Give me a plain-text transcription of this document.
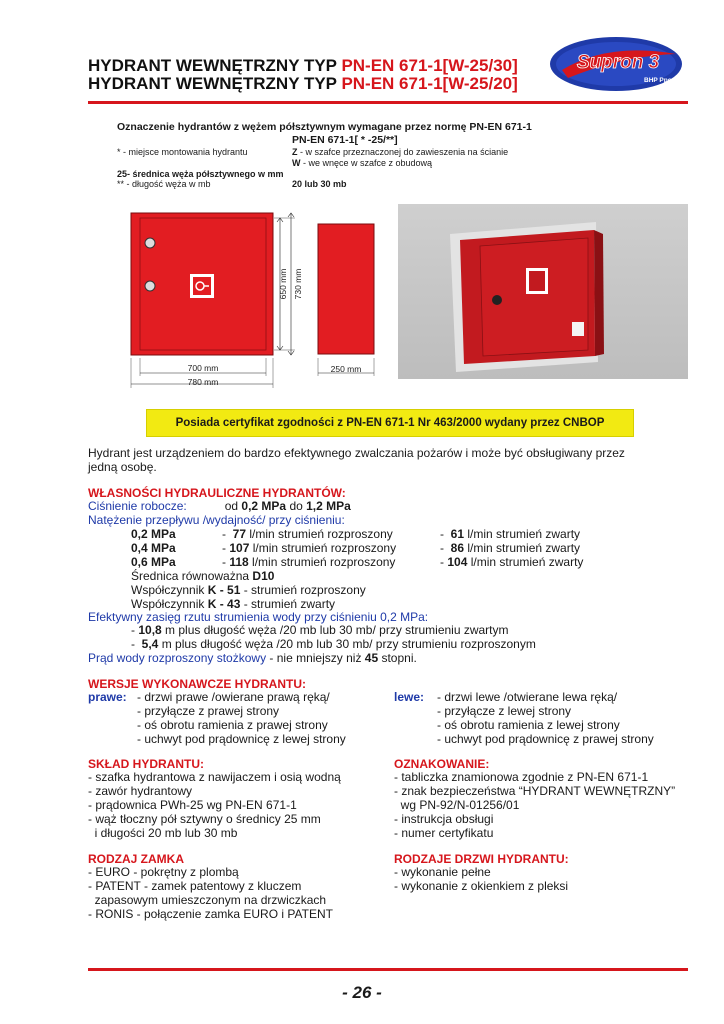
HYDRANT WEWNĘTRZNY TYP PN-EN 671-1[W-25/30]
HYDRANT WEWNĘTRZNY TYP PN-EN 671-1[W-25/20]
Supron 3
BHP Ppoż.
Oznaczenie hydrantów z wężem półsztywnym wymagane przez normę PN-EN 671-1
PN-EN 671-1[ * -25/**]
* - miejsce montowania hydrantu
25- średnica węża półsztywnego w mm
** - długość węża w mb
Z - w szafce przeznaczonej do zawieszenia na ścianie
W - we wnęce w szafce z obudową
20 lub 30 mb
700 mm
780 mm
250 mm
650 mm 730 mm
Posiada certyfikat zgodności z PN-EN 671-1 Nr 463/2000 wydany przez CNBOP
Hydrant jest urządzeniem do bardzo efektywnego zwalczania pożarów i może być obsługiwany przez
jedną osobę.
WŁASNOŚCI HYDRAULICZNE HYDRANTÓW:
Ciśnienie robocze:	od 0,2 MPa do 1,2 MPa
Natężenie przepływu /wydajność/ przy ciśnieniu:
0,2 MPa	-  77 l/min strumień rozproszony	-  61 l/min strumień zwarty
0,4 MPa	- 107 l/min strumień rozproszony	-  86 l/min strumień zwarty
0,6 MPa	- 118 l/min strumień rozproszony	- 104 l/min strumień zwarty
Średnica równoważna D10
Współczynnik K - 51 - strumień rozproszony
Współczynnik K - 43 - strumień zwarty
Efektywny zasięg rzutu strumienia wody przy ciśnieniu 0,2 MPa:
- 10,8 m plus długość węża /20 mb lub 30 mb/ przy strumieniu zwartym
-  5,4 m plus długość węża /20 mb lub 30 mb/ przy strumieniu rozproszonym
Prąd wody rozproszony stożkowy - nie mniejszy niż 45 stopni.
WERSJE WYKONAWCZE HYDRANTU:
prawe: - drzwi prawe /owierane prawą ręką/
- przyłącze z prawej strony
- oś obrotu ramienia z prawej strony
- uchwyt pod prądownicę z lewej strony
lewe: - drzwi lewe /otwierane lewa ręką/
- przyłącze z lewej strony
- oś obrotu ramienia z lewej strony
- uchwyt pod prądownicę z prawej strony
SKŁAD HYDRANTU:
- szafka hydrantowa z nawijaczem i osią wodną
- zawór hydrantowy
- prądownica PWh-25 wg PN-EN 671-1
- wąż tłoczny pół sztywny o średnicy 25 mm
i długości 20 mb lub 30 mb
OZNAKOWANIE:
- tabliczka znamionowa zgodnie z PN-EN 671-1
- znak bezpieczeństwa “HYDRANT WEWNĘTRZNY”
wg PN-92/N-01256/01
- instrukcja obsługi
- numer certyfikatu
RODZAJ ZAMKA
- EURO - pokrętny z plombą
- PATENT - zamek patentowy z kluczem
zapasowym umieszczonym na drzwiczkach
- RONIS - połączenie zamka EURO i PATENT
RODZAJE DRZWI HYDRANTU:
- wykonanie pełne
- wykonanie z okienkiem z pleksi
- 26 -
